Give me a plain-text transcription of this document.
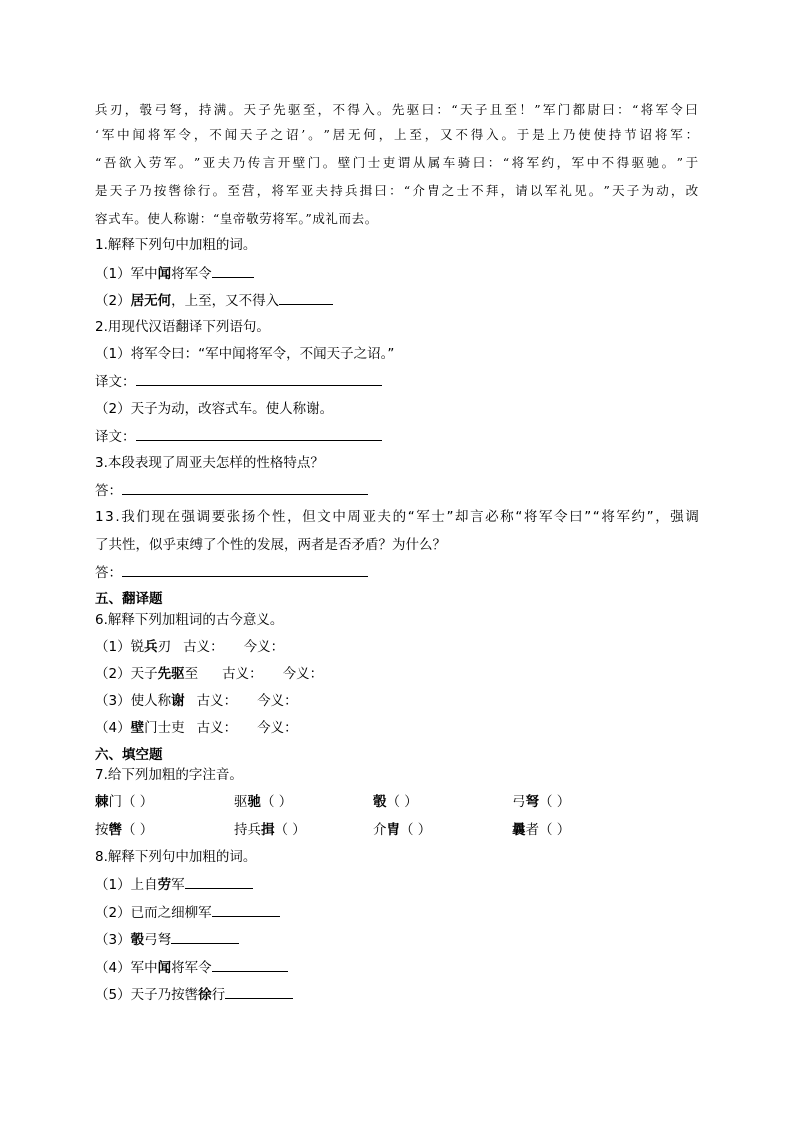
兵 刃 ， 彀 弓 弩 ， 持 满 。 天 子 先 驱 至 ， 不 得 入 。 先 驱 曰 ： “ 天 子 且 至 ！ ” 军 门 都 尉 曰 ： “ 将 军 令 曰
‘ 军 中 闻 将 军 令 ， 不 闻 天 子 之 诏 ’ 。 ” 居 无 何 ， 上 至 ， 又 不 得 入 。 于 是 上 乃 使 使 持 节 诏 将 军 ：
“ 吾 欲 入 劳 军 。 ” 亚 夫 乃 传 言 开 壁 门 。 壁 门 士 吏 谓 从 属 车 骑 曰 ： “ 将 军 约 ， 军 中 不 得 驱 驰 。 ” 于
是 天 子 乃 按 辔 徐 行 。 至 营 ， 将 军 亚 夫 持 兵 揖 曰 ： “ 介 胄 之 士 不 拜 ， 请 以 军 礼 见 。 ” 天 子 为 动 ， 改
容式车。使人称谢：“皇帝敬劳将军。”成礼而去。
1.解释下列句中加粗的词。
（1）军中闻将军令
（2）居无何，上至，又不得入
2.用现代汉语翻译下列语句。
（1）将军令曰：“军中闻将军令，不闻天子之诏。”
译文：
（2）天子为动，改容式车。使人称谢。
译文：
3.本段表现了周亚夫怎样的性格特点？
答：
1 3 . 我 们 现 在 强 调 要 张 扬 个 性 ， 但 文 中 周 亚 夫 的 “ 军 士 ” 却 言 必 称 “ 将 军 令 曰 ” “ 将 军 约 ” ， 强 调
了共性，似乎束缚了个性的发展，两者是否矛盾？为什么？
答：
五、翻译题
6.解释下列加粗词的古今意义。
（1）锐兵刃 古义： 今义：
（2）天子先驱至 古义： 今义：
（3）使人称谢 古义： 今义：
（4）壁门士吏 古义： 今义：
六、填空题
7.给下列加粗的字注音。
棘门（ ）	驱驰（ ）	彀（ ）	弓弩（ ）
按辔（ ）	持兵揖（ ）	介胄（ ）	曩者（ ）
8.解释下列句中加粗的词。
（1）上自劳军
（2）已而之细柳军
（3）彀弓弩
（4）军中闻将军令
（5）天子乃按辔徐行
